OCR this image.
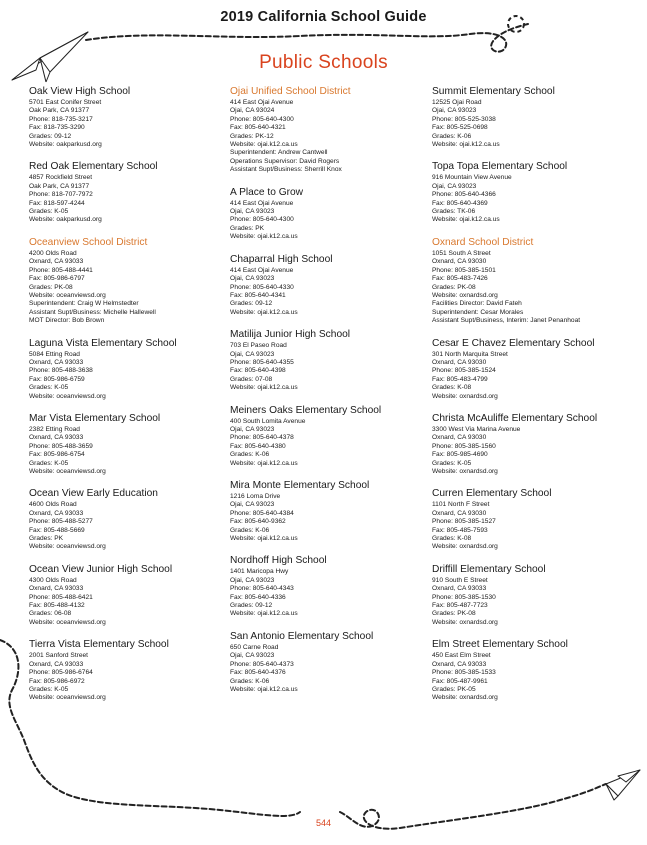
2019 California School Guide
Public Schools
Oak View High School
5701 East Conifer Street
Oak Park, CA 91377
Phone: 818-735-3217
Fax: 818-735-3290
Grades: 09-12
Website: oakparkusd.org
Red Oak Elementary School
4857 Rockfield Street
Oak Park, CA 91377
Phone: 818-707-7972
Fax: 818-597-4244
Grades: K-05
Website: oakparkusd.org
Oceanview School District
4200 Olds Road
Oxnard, CA 93033
Phone: 805-488-4441
Fax: 805-986-6797
Grades: PK-08
Website: oceanviewsd.org
Superintendent: Craig W Helmstedter
Assistant Supt/Business: Michelle Hallewell
MOT Director: Bob Brown
Laguna Vista Elementary School
5084 Etting Road
Oxnard, CA 93033
Phone: 805-488-3638
Fax: 805-986-6759
Grades: K-05
Website: oceanviewsd.org
Mar Vista Elementary School
2382 Etting Road
Oxnard, CA 93033
Phone: 805-488-3659
Fax: 805-986-6754
Grades: K-05
Website: oceanviewsd.org
Ocean View Early Education
4600 Olds Road
Oxnard, CA 93033
Phone: 805-488-5277
Fax: 805-488-5669
Grades: PK
Website: oceanviewsd.org
Ocean View Junior High School
4300 Olds Road
Oxnard, CA 93033
Phone: 805-488-6421
Fax: 805-488-4132
Grades: 06-08
Website: oceanviewsd.org
Tierra Vista Elementary School
2001 Sanford Street
Oxnard, CA 93033
Phone: 805-986-6764
Fax: 805-986-6972
Grades: K-05
Website: oceanviewsd.org
Ojai Unified School District
414 East Ojai Avenue
Ojai, CA 93024
Phone: 805-640-4300
Fax: 805-640-4321
Grades: PK-12
Website: ojai.k12.ca.us
Superintendent: Andrew Cantwell
Operations Supervisor: David Rogers
Assistant Supt/Business: Sherrill Knox
A Place to Grow
414 East Ojai Avenue
Ojai, CA 93023
Phone: 805-640-4300
Grades: PK
Website: ojai.k12.ca.us
Chaparral High School
414 East Ojai Avenue
Ojai, CA 93023
Phone: 805-640-4330
Fax: 805-640-4341
Grades: 09-12
Website: ojai.k12.ca.us
Matilija Junior High School
703 El Paseo Road
Ojai, CA 93023
Phone: 805-640-4355
Fax: 805-640-4398
Grades: 07-08
Website: ojai.k12.ca.us
Meiners Oaks Elementary School
400 South Lomita Avenue
Ojai, CA 93023
Phone: 805-640-4378
Fax: 805-640-4380
Grades: K-06
Website: ojai.k12.ca.us
Mira Monte Elementary School
1216 Loma Drive
Ojai, CA 93023
Phone: 805-640-4384
Fax: 805-640-9362
Grades: K-06
Website: ojai.k12.ca.us
Nordhoff High School
1401 Maricopa Hwy
Ojai, CA 93023
Phone: 805-640-4343
Fax: 805-640-4336
Grades: 09-12
Website: ojai.k12.ca.us
San Antonio Elementary School
650 Carne Road
Ojai, CA 93023
Phone: 805-640-4373
Fax: 805-640-4376
Grades: K-06
Website: ojai.k12.ca.us
Summit Elementary School
12525 Ojai Road
Ojai, CA 93023
Phone: 805-525-3038
Fax: 805-525-0698
Grades: K-06
Website: ojai.k12.ca.us
Topa Topa Elementary School
916 Mountain View Avenue
Ojai, CA 93023
Phone: 805-640-4366
Fax: 805-640-4369
Grades: TK-06
Website: ojai.k12.ca.us
Oxnard School District
1051 South A Street
Oxnard, CA 93030
Phone: 805-385-1501
Fax: 805-483-7426
Grades: PK-08
Website: oxnardsd.org
Facilities Director: David Fateh
Superintendent: Cesar Morales
Assistant Supt/Business, Interim: Janet Penanhoat
Cesar E Chavez Elementary School
301 North Marquita Street
Oxnard, CA 93030
Phone: 805-385-1524
Fax: 805-483-4799
Grades: K-08
Website: oxnardsd.org
Christa McAuliffe Elementary School
3300 West Via Marina Avenue
Oxnard, CA 93030
Phone: 805-385-1560
Fax: 805-985-4690
Grades: K-05
Website: oxnardsd.org
Curren Elementary School
1101 North F Street
Oxnard, CA 93030
Phone: 805-385-1527
Fax: 805-485-7593
Grades: K-08
Website: oxnardsd.org
Driffill Elementary School
910 South E Street
Oxnard, CA 93033
Phone: 805-385-1530
Fax: 805-487-7723
Grades: PK-08
Website: oxnardsd.org
Elm Street Elementary School
450 East Elm Street
Oxnard, CA 93033
Phone: 805-385-1533
Fax: 805-487-9961
Grades: PK-05
Website: oxnardsd.org
544
